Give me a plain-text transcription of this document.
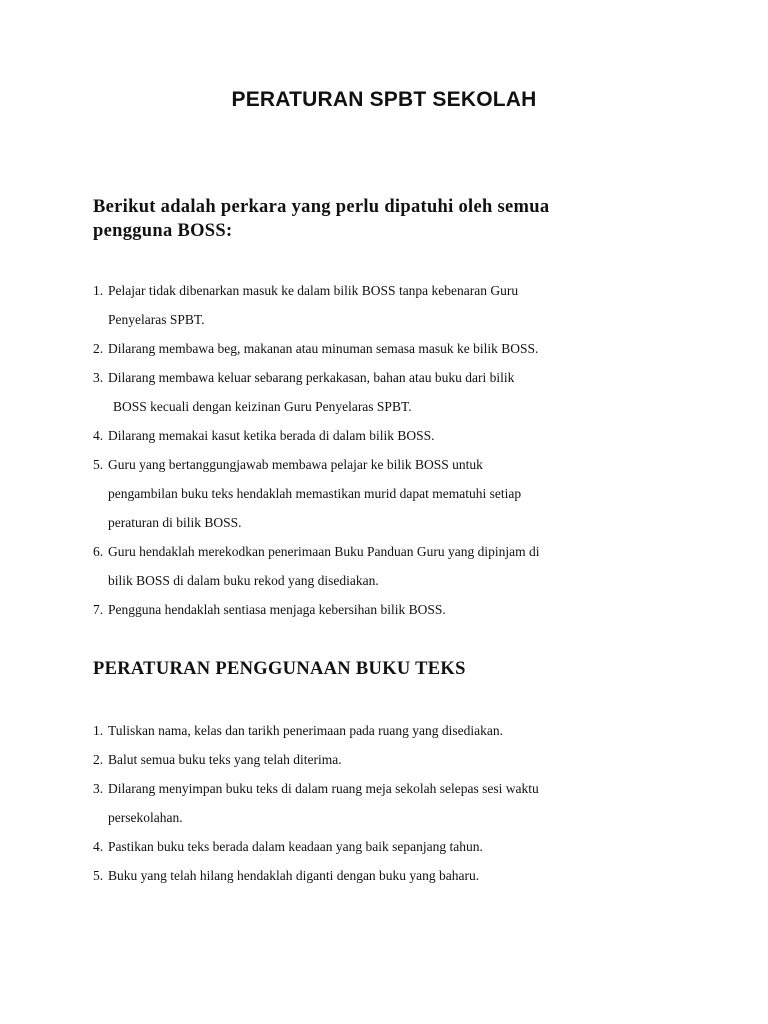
PERATURAN SPBT SEKOLAH

Berikut adalah perkara yang perlu dipatuhi oleh semua
pengguna BOSS:

1. Pelajar tidak dibenarkan masuk ke dalam bilik BOSS tanpa kebenaran Guru
Penyelaras SPBT.
2. Dilarang membawa beg, makanan atau minuman semasa masuk ke bilik BOSS.
3. Dilarang membawa keluar sebarang perkakasan, bahan atau buku dari bilik
BOSS kecuali dengan keizinan Guru Penyelaras SPBT.
4. Dilarang memakai kasut ketika berada di dalam bilik BOSS.
5. Guru yang bertanggungjawab membawa pelajar ke bilik BOSS untuk
pengambilan buku teks hendaklah memastikan murid dapat mematuhi setiap
peraturan di bilik BOSS.
6. Guru hendaklah merekodkan penerimaan Buku Panduan Guru yang dipinjam di
bilik BOSS di dalam buku rekod yang disediakan.
7. Pengguna hendaklah sentiasa menjaga kebersihan bilik BOSS.
PERATURAN PENGGUNAAN BUKU TEKS
1. Tuliskan nama, kelas dan tarikh penerimaan pada ruang yang disediakan.
2. Balut semua buku teks yang telah diterima.
3. Dilarang menyimpan buku teks di dalam ruang meja sekolah selepas sesi waktu
persekolahan.
4. Pastikan buku teks berada dalam keadaan yang baik sepanjang tahun.
5. Buku yang telah hilang hendaklah diganti dengan buku yang baharu.
